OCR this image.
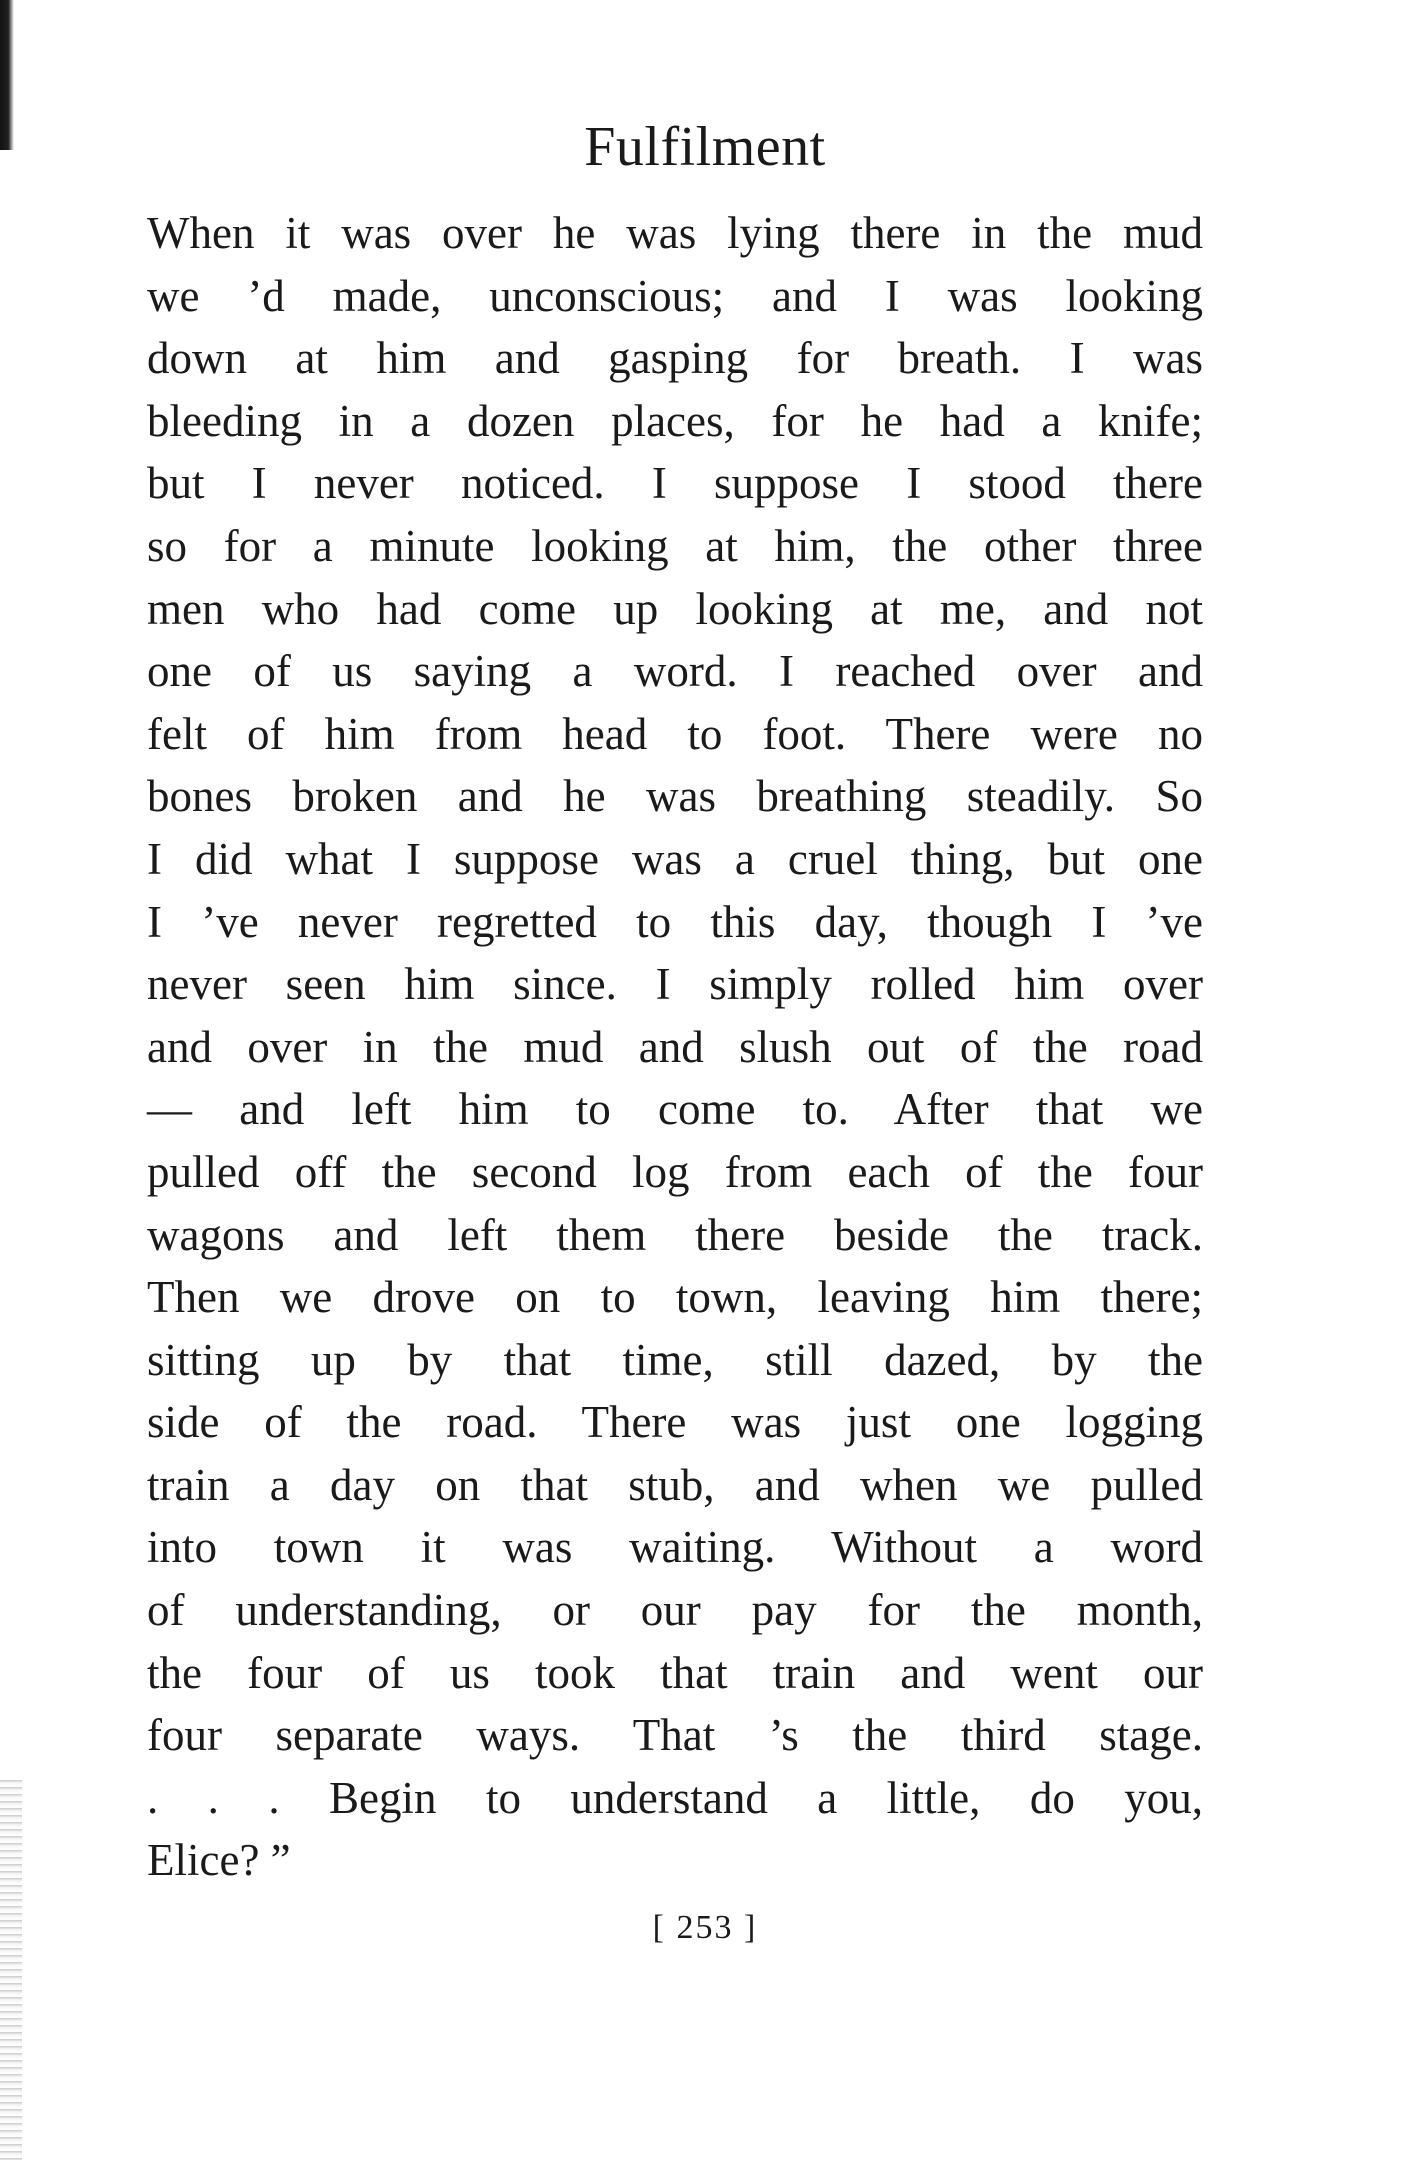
Fulfilment
When it was over he was lying there in the mud
we ’d made, unconscious; and I was looking
down at him and gasping for breath. I was
bleeding in a dozen places, for he had a knife;
but I never noticed. I suppose I stood there
so for a minute looking at him, the other three
men who had come up looking at me, and not
one of us saying a word. I reached over and
felt of him from head to foot. There were no
bones broken and he was breathing steadily. So
I did what I suppose was a cruel thing, but one
I ’ve never regretted to this day, though I ’ve
never seen him since. I simply rolled him over
and over in the mud and slush out of the road
— and left him to come to. After that we
pulled off the second log from each of the four
wagons and left them there beside the track.
Then we drove on to town, leaving him there;
sitting up by that time, still dazed, by the
side of the road. There was just one logging
train a day on that stub, and when we pulled
into town it was waiting. Without a word
of understanding, or our pay for the month,
the four of us took that train and went our
four separate ways. That ’s the third stage.
. . . Begin to understand a little, do you,
Elice? ”
[ 253 ]
